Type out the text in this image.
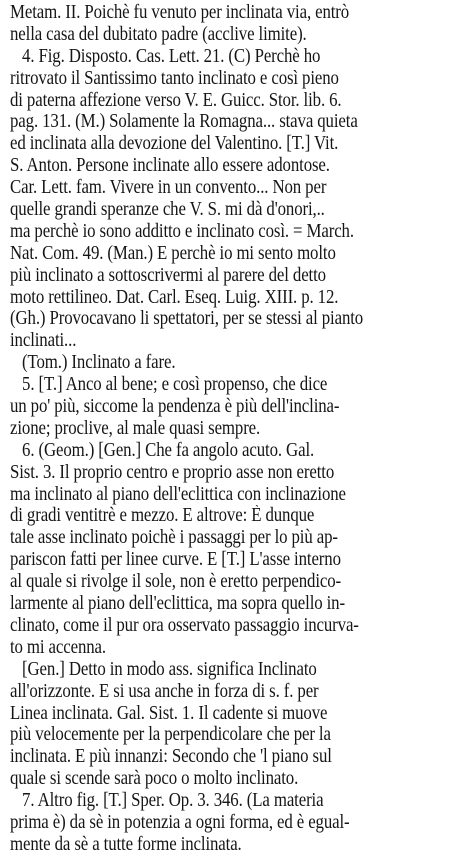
Metam. II. Poichè fu venuto per inclinata via, entrò
nella casa del dubitato padre (acclive limite).
4. Fig. Disposto. Cas. Lett. 21. (C) Perchè ho
ritrovato il Santissimo tanto inclinato e così pieno
di paterna affezione verso V. E. Guicc. Stor. lib. 6.
pag. 131. (M.) Solamente la Romagna... stava quieta
ed inclinata alla devozione del Valentino. [T.] Vit.
S. Anton. Persone inclinate allo essere adontose.
Car. Lett. fam. Vivere in un convento... Non per
quelle grandi speranze che V. S. mi dà d'onori,..
ma perchè io sono additto e inclinato così. = March.
Nat. Com. 49. (Man.) E perchè io mi sento molto
più inclinato a sottoscrivermi al parere del detto
moto rettilineo. Dat. Carl. Eseq. Luig. XIII. p. 12.
(Gh.) Provocavano li spettatori, per se stessi al pianto
inclinati...
(Tom.) Inclinato a fare.
5. [T.] Anco al bene; e così propenso, che dice
un po' più, siccome la pendenza è più dell'inclina-
zione; proclive, al male quasi sempre.
6. (Geom.) [Gen.] Che fa angolo acuto. Gal.
Sist. 3. Il proprio centro e proprio asse non eretto
ma inclinato al piano dell'eclittica con inclinazione
di gradi ventitrè e mezzo. E altrove: È dunque
tale asse inclinato poichè i passaggi per lo più ap-
pariscon fatti per linee curve. E [T.] L'asse interno
al quale si rivolge il sole, non è eretto perpendico-
larmente al piano dell'eclittica, ma sopra quello in-
clinato, come il pur ora osservato passaggio incurva-
to mi accenna.
[Gen.] Detto in modo ass. significa Inclinato
all'orizzonte. E si usa anche in forza di s. f. per
Linea inclinata. Gal. Sist. 1. Il cadente si muove
più velocemente per la perpendicolare che per la
inclinata. E più innanzi: Secondo che 'l piano sul
quale si scende sarà poco o molto inclinato.
7. Altro fig. [T.] Sper. Op. 3. 346. (La materia
prima è) da sè in potenzia a ogni forma, ed è egual-
mente da sè a tutte forme inclinata.
